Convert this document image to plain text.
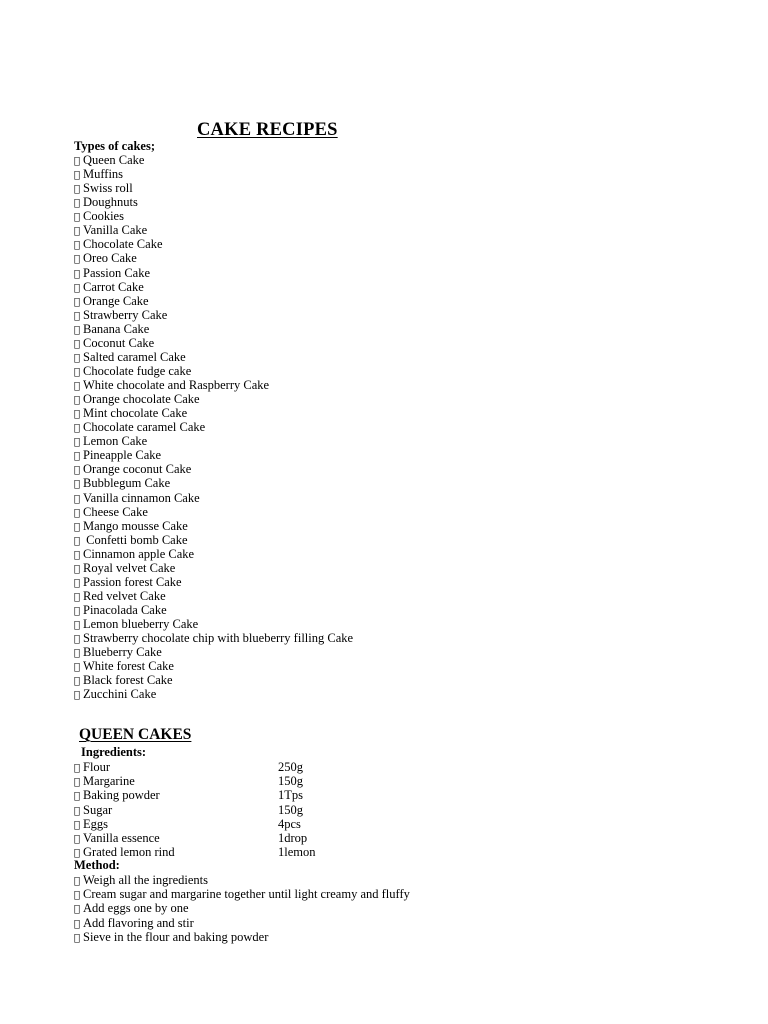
CAKE RECIPES

Types of cakes;

Queen Cake
Muffins
Swiss roll
Doughnuts
Cookies
Vanilla Cake
Chocolate Cake
Oreo Cake
Passion Cake
Carrot Cake
Orange Cake
Strawberry Cake
Banana Cake
Coconut Cake
Salted caramel Cake
Chocolate fudge cake
White chocolate and Raspberry Cake
Orange chocolate Cake
Mint chocolate Cake
Chocolate caramel Cake
Lemon Cake
Pineapple Cake
Orange coconut Cake
Bubblegum Cake
Vanilla cinnamon Cake
Cheese Cake
Mango mousse Cake
Confetti bomb Cake
Cinnamon apple Cake
Royal velvet Cake
Passion forest Cake
Red velvet Cake
Pinacolada Cake
Lemon blueberry Cake
Strawberry chocolate chip with blueberry filling Cake
Blueberry Cake
White forest Cake
Black forest Cake
Zucchini Cake
QUEEN CAKES

Ingredients:

Flour	250g
Margarine	150g
Baking powder	1Tps
Sugar	150g
Eggs	4pcs
Vanilla essence	1drop
Grated lemon rind	1lemon

Method:

Weigh all the ingredients
Cream sugar and margarine together until light creamy and fluffy
Add eggs one by one
Add flavoring and stir
Sieve in the flour and baking powder
